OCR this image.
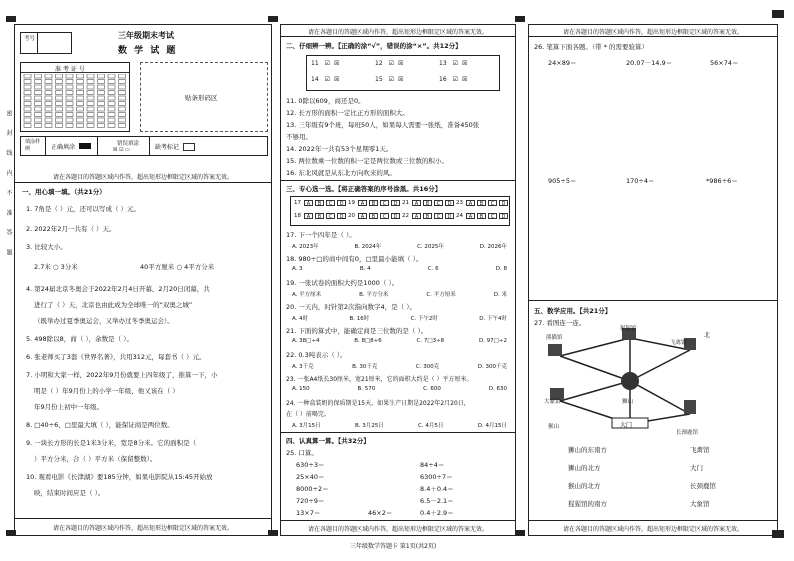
密 封 线 内 不 准 答 题
考号	三年级期末考试
数 学 试 题
准 考 证 号
贴条形码区
填涂样例	正确填涂	错误填涂
☒ ☑ ▭	缺考标记
请在各题目的答题区域内作答，超出矩形边框限定区域的答案无效。
一、用心填一填。（共21分）
1. 7角是（ ）元，还可以写成（ ）元。
2. 2022年2月一共有（ ）天。
3. 比较大小。
2.7米 ○ 3分米	40平方厘米 ○ 4平方分米
4. 第24届北京冬奥会于2022年2月4日开幕，2月20日闭幕，共
进行了（ ）天，北京也由此成为全球唯一的“双奥之城”
（既举办过夏季奥运会，又举办过冬季奥运会）。
5. 498除以8，商（ ），余数是（ ）。
6. 张老师买了3套《世界名著》，共用312元，每套书（ ）元。
7. 小明和大家一样，2022年9月份就要上四年级了，推算一下，小
明是（ ）年9月份上的小学一年级，他又该在（ ）
年9月份上初中一年级。
8. □40÷6，□里最大填（ ），能保证商是两位数。
9. 一块长方形的长是1米3分米，宽是8分米。它的面积是（
）平方分米，合（ ）平方米（保留整数）。
10. 观看电影《长津湖》要185分钟，如果电影院从15:45开始放
映，结束时间应是（ ）。
请在各题目的答题区域内作答，超出矩形边框限定区域的答案无效。
请在各题目的答题区域内作答，超出矩形边框限定区域的答案无效。
二、仔细辨一辨。【正确的涂“√”，错误的涂“×”。共12分】
11 ☑ ☒	12 ☑ ☒	13 ☑ ☒
14 ☑ ☒	15 ☑ ☒	16 ☑ ☒
11. 0除以609，商还是0。
12. 长方形的面积一定比正方形的面积大。
13. 三年级有9个班，每班50人，如果每人需要一张纸，准备450张
不够用。
14. 2022年一共有53个星期零1天。
15. 两位数乘一位数的积一定是两位数或三位数的积小。
16. 东北风就是从东北方向吹来的风。
三、专心选一选。【将正确答案的序号涂黑。共16分】
17	A	B	C	D 19	A	B	C	D 21	A	B	C	D 23	A	B	C	D
18	A	B	C	D 20	A	B	C	D 22	A	B	C	D 24	A	B	C	D
17. 下一个四年是（ ）。
A. 2023年	B. 2024年	C. 2025年	D. 2026年
18. 980÷□的商中间有0，□里最小能填（ ）。
A. 3	B. 4	C. 6	D. 8
19. 一张试卷的面积大约是1000（ ）。
A. 平方厘米	B. 平方分米	C. 平方厘米	D. 米
20. 一天内，时针第2次指向数字4，是（ ）。
A. 4时	B. 16时	C. 下午2时	D. 下午4时
21. 下面的算式中，能确定商是三位数的是（ ）。
A. 38□÷4	B. 8□8÷6	C. 7□3÷8	D. 97□÷2
22. 0.3吨表示（ ）。
A. 3千克	B. 30千克	C. 300克	D. 300千克
23. 一张A4纸长30厘米，宽21厘米，它的面积大约是（ ）平方厘米。
A. 150	B. 570	C. 600	D. 630
24. 一种盒装奶的保质期是15天，如果生产日期是2022年2月20日，
在（ ）前喝完。
A. 3月15日	B. 3月25日	C. 4月5日	D. 4月15日
四、认真算一算。【共32分】
25. 口算。
630÷3＝	84÷4＝
25×40＝	6300÷7＝
8000÷2＝	8.4＋0.4＝
720÷9＝	6.5－2.1＝
13×7＝	46×2＝	0.4＋2.9＝
请在各题目的答题区域内作答，超出矩形边框限定区域的答案无效。
请在各题目的答题区域内作答，超出矩形边框限定区域的答案无效。
26. 笔算下面各题。（带 * 的需要验算）
24×89＝	20.07－14.9＝	56×74＝
905÷5＝	170÷4＝	*986÷6＝
五、数学应用。【共21分】
27. 看图连一连。
熊猫馆
猩猩馆
飞禽馆
北
大象馆	狮山
猴山	大门
长颈鹿馆
狮山的东南方
狮山的北方
猴山的北方
猩猩馆的南方
飞禽馆
大门
长颈鹿馆
大象馆
请在各题目的答题区域内作答，超出矩形边框限定区域的答案无效。
三年级数学答题卡 第1页(共2页)
